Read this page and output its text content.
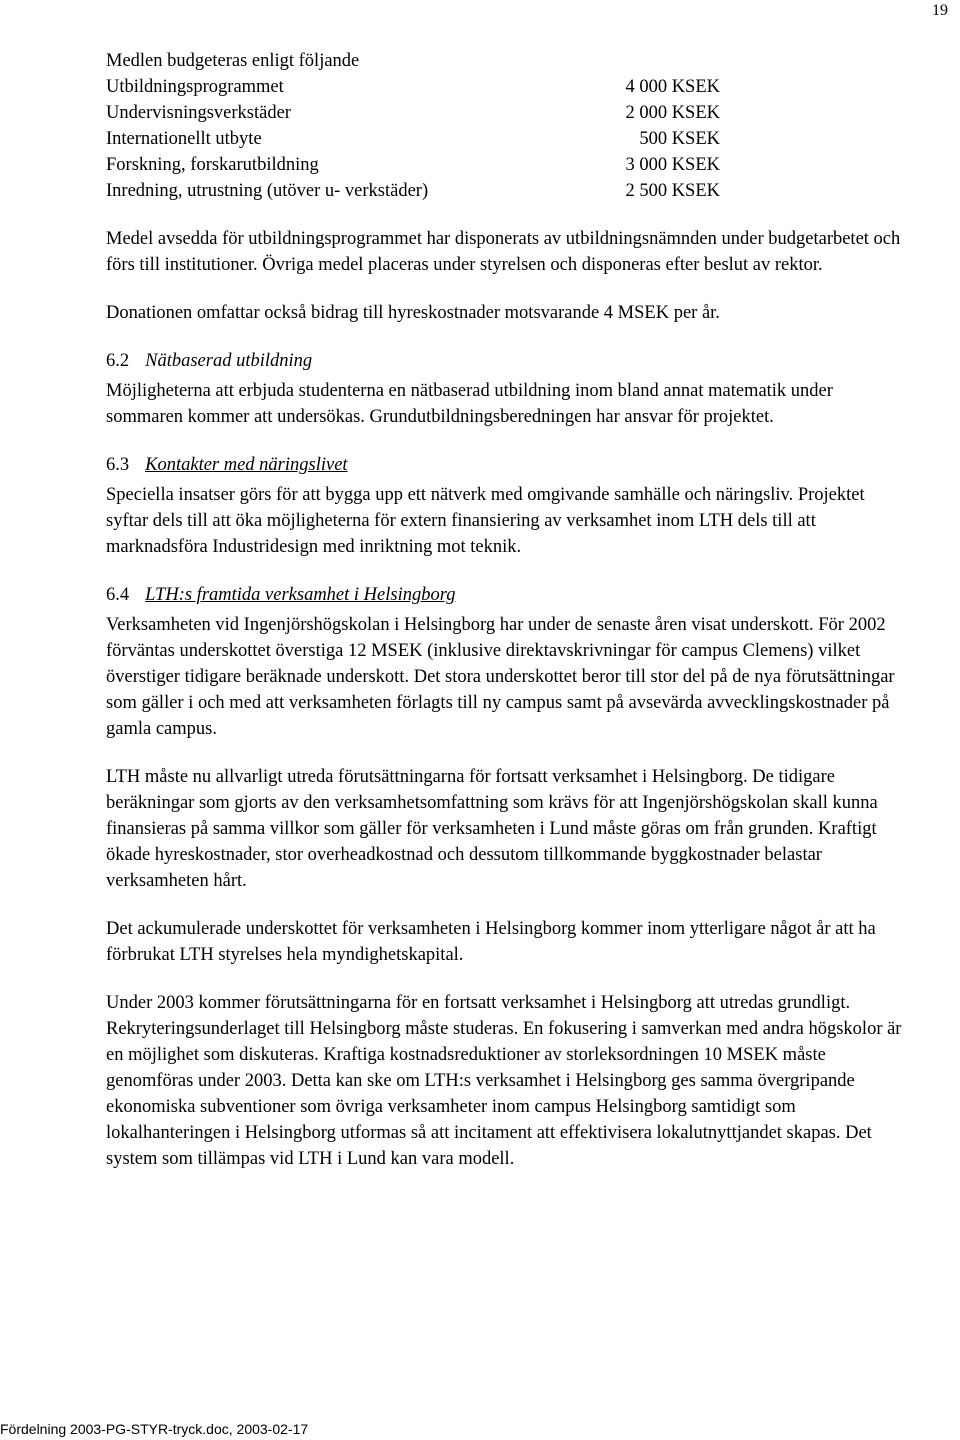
19
Medlen budgeteras enligt följande
Utbildningsprogrammet	4 000 KSEK
Undervisningsverkstäder	2 000 KSEK
Internationellt utbyte	500 KSEK
Forskning, forskarutbildning	3 000 KSEK
Inredning, utrustning (utöver u- verkstäder)	2 500 KSEK

Medel avsedda för utbildningsprogrammet har disponerats av utbildningsnämnden under budgetarbetet och förs till institutioner. Övriga medel placeras under styrelsen och disponeras efter beslut av rektor.

Donationen omfattar också bidrag till hyreskostnader motsvarande 4 MSEK per år.

6.2 Nätbaserad utbildning

Möjligheterna att erbjuda studenterna en nätbaserad utbildning inom bland annat matematik under sommaren kommer att undersökas. Grundutbildningsberedningen har ansvar för projektet.

6.3 Kontakter med näringslivet

Speciella insatser görs för att bygga upp ett nätverk med omgivande samhälle och näringsliv. Projektet syftar dels till att öka möjligheterna för extern finansiering av verksamhet inom LTH dels till att marknadsföra Industridesign med inriktning mot teknik.

6.4 LTH:s framtida verksamhet i Helsingborg

Verksamheten vid Ingenjörshögskolan i Helsingborg har under de senaste åren visat underskott. För 2002 förväntas underskottet överstiga 12 MSEK (inklusive direktavskrivningar för campus Clemens) vilket överstiger tidigare beräknade underskott. Det stora underskottet beror till stor del på de nya förutsättningar som gäller i och med att verksamheten förlagts till ny campus samt på avsevärda avvecklingskostnader på gamla campus.

LTH måste nu allvarligt utreda förutsättningarna för fortsatt verksamhet i Helsingborg. De tidigare beräkningar som gjorts av den verksamhetsomfattning som krävs för att Ingenjörshögskolan skall kunna finansieras på samma villkor som gäller för verksamheten i Lund måste göras om från grunden. Kraftigt ökade hyreskostnader, stor overheadkostnad och dessutom tillkommande byggkostnader belastar verksamheten hårt.

Det ackumulerade underskottet för verksamheten i Helsingborg kommer inom ytterligare något år att ha förbrukat LTH styrelses hela myndighetskapital.

Under 2003 kommer förutsättningarna för en fortsatt verksamhet i Helsingborg att utredas grundligt. Rekryteringsunderlaget till Helsingborg måste studeras. En fokusering i samverkan med andra högskolor är en möjlighet som diskuteras. Kraftiga kostnadsreduktioner av storleksordningen 10 MSEK måste genomföras under 2003. Detta kan ske om LTH:s verksamhet i Helsingborg ges samma övergripande ekonomiska subventioner som övriga verksamheter inom campus Helsingborg samtidigt som lokalhanteringen i Helsingborg utformas så att incitament att effektivisera lokalutnyttjandet skapas. Det system som tillämpas vid LTH i Lund kan vara modell.

Fördelning 2003-PG-STYR-tryck.doc, 2003-02-17
